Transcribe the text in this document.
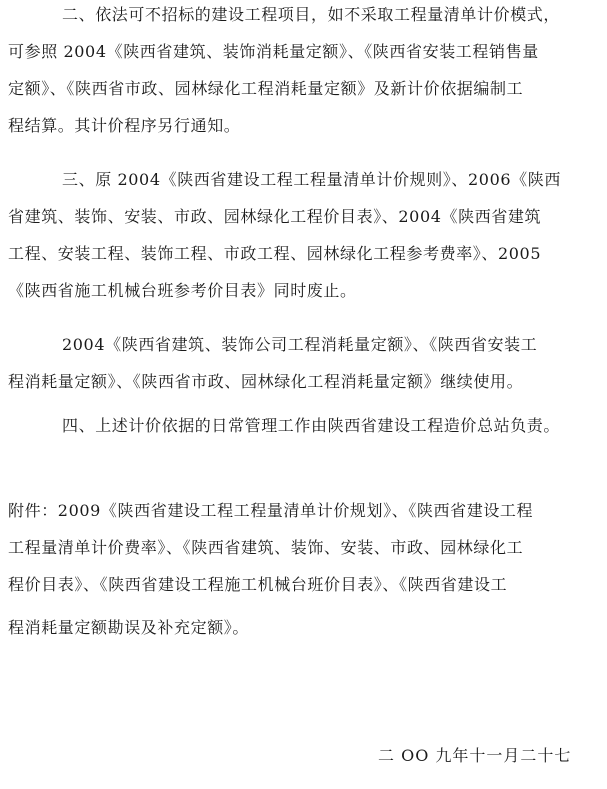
二、依法可不招标的建设工程项目，如不采取工程量清单计价模式，
可参照 2004《陕西省建筑、装饰消耗量定额》、《陕西省安装工程销售量
定额》、《陕西省市政、园林绿化工程消耗量定额》及新计价依据编制工
程结算。其计价程序另行通知。
三、原 2004《陕西省建设工程工程量清单计价规则》、2006《陕西
省建筑、装饰、安装、市政、园林绿化工程价目表》、2004《陕西省建筑
工程、安装工程、装饰工程、市政工程、园林绿化工程参考费率》、2005
《陕西省施工机械台班参考价目表》同时废止。
2004《陕西省建筑、装饰公司工程消耗量定额》、《陕西省安装工
程消耗量定额》、《陕西省市政、园林绿化工程消耗量定额》继续使用。
四、上述计价依据的日常管理工作由陕西省建设工程造价总站负责。
附件：2009《陕西省建设工程工程量清单计价规划》、《陕西省建设工程
工程量清单计价费率》、《陕西省建筑、装饰、安装、市政、园林绿化工
程价目表》、《陕西省建设工程施工机械台班价目表》、《陕西省建设工
程消耗量定额勘误及补充定额》。
二 OO 九年十一月二十七
